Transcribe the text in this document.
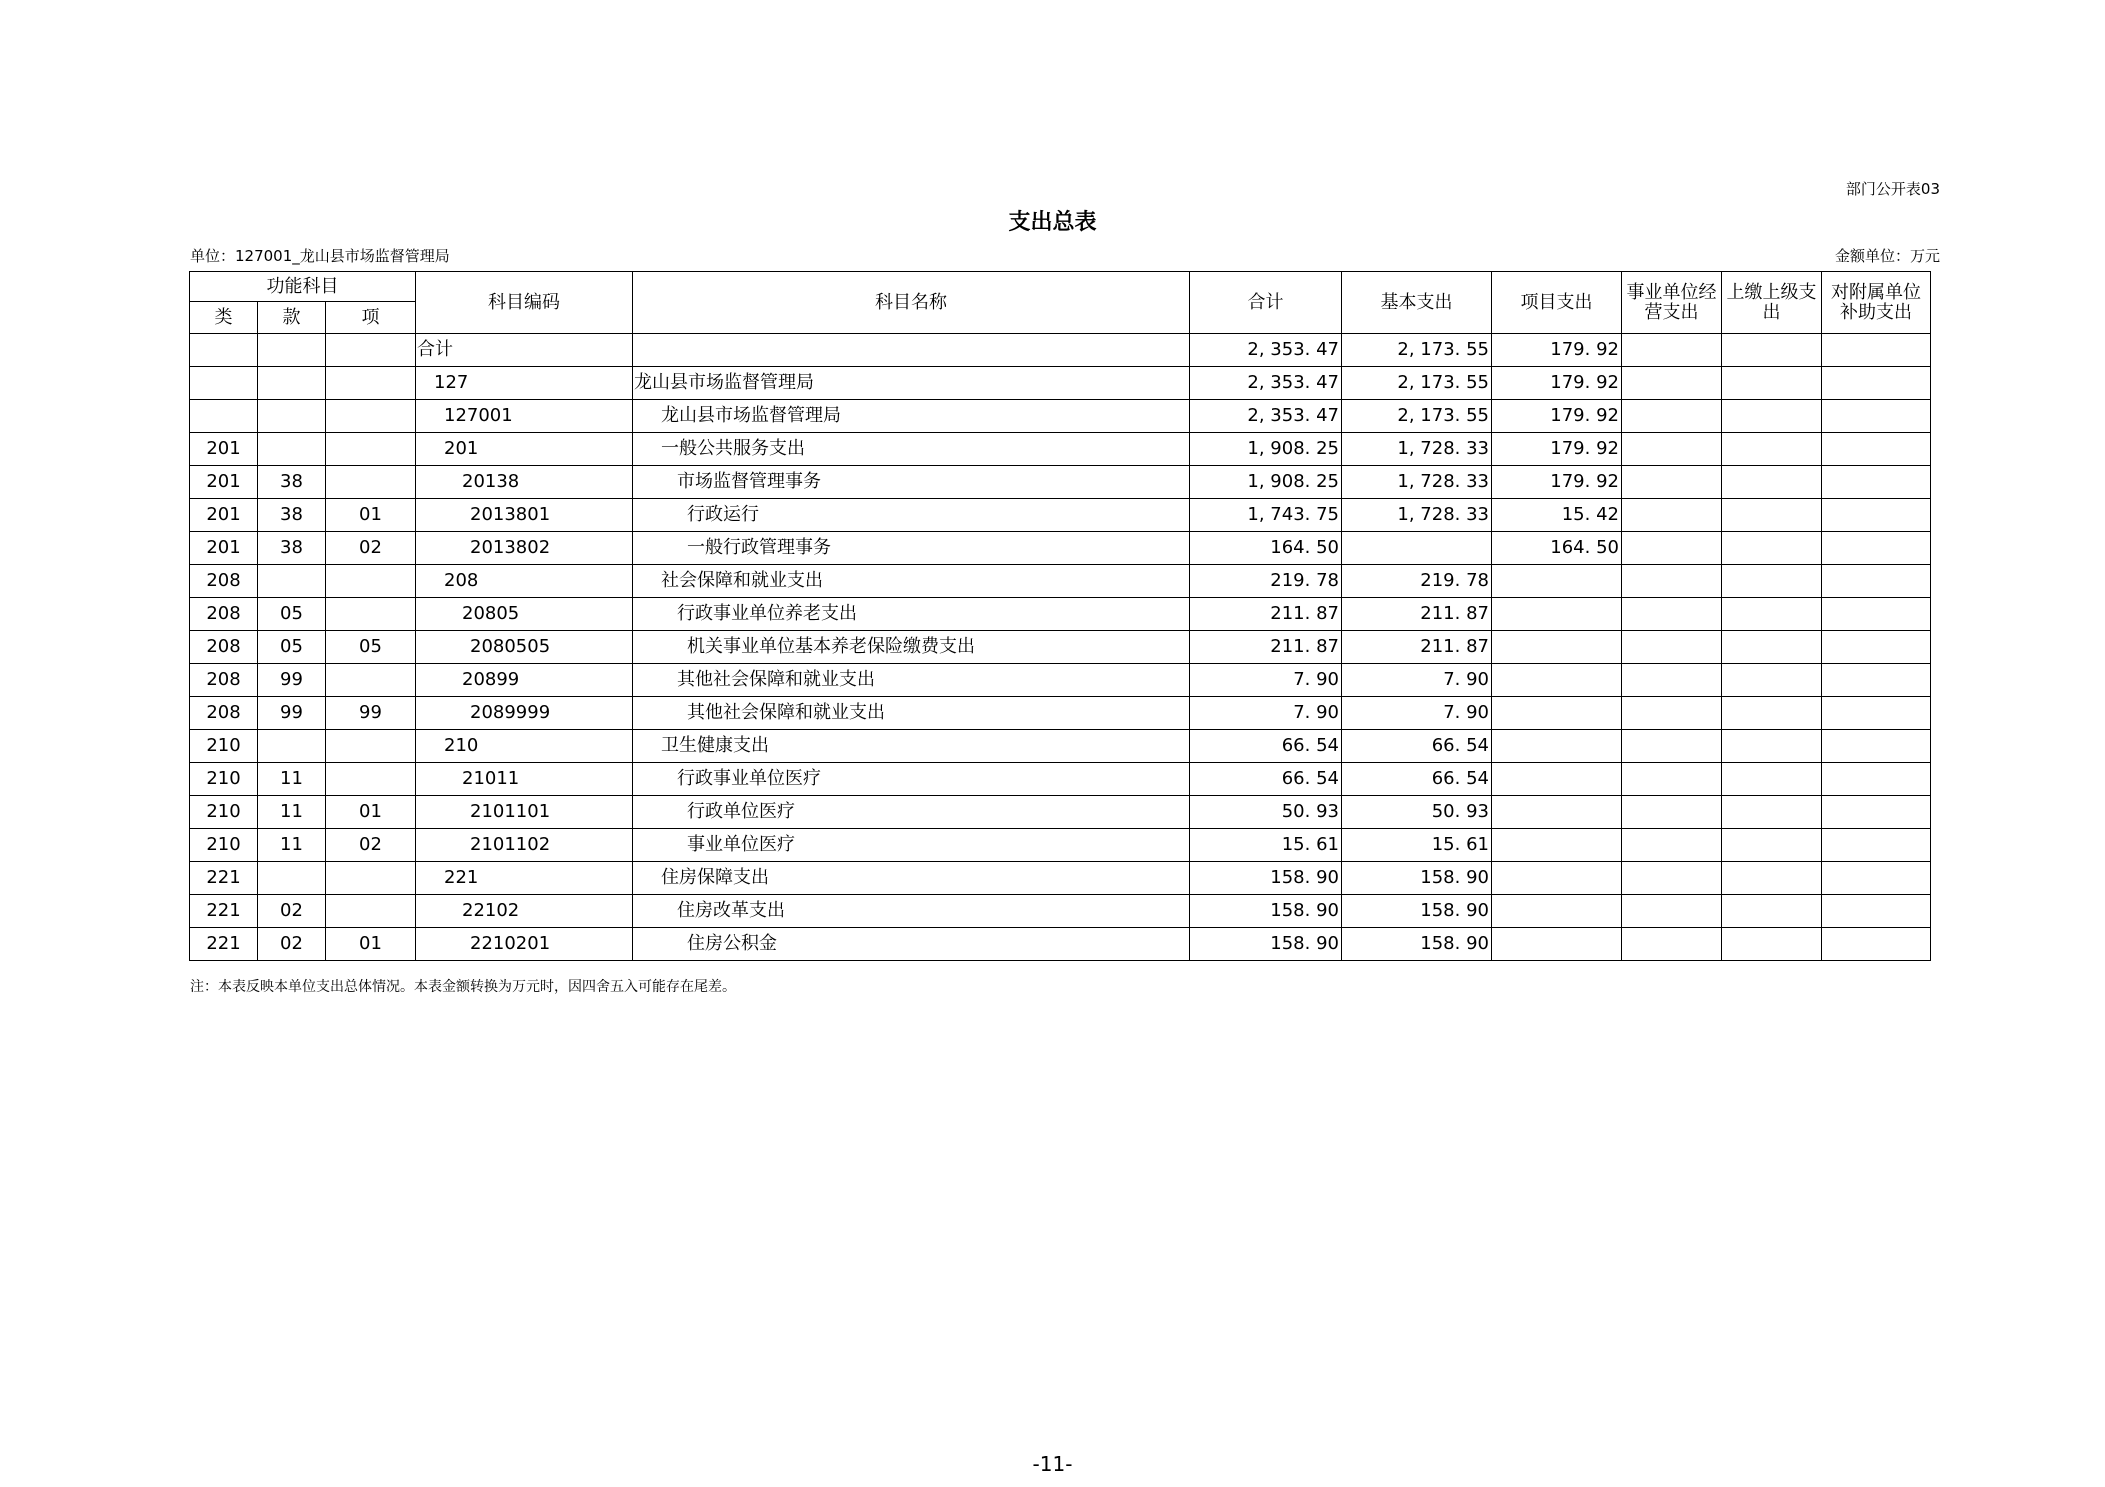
部门公开表03
支出总表
单位：127001_龙山县市场监督管理局	金额单位：万元
功能科目			科目编码	科目名称	合计	基本支出	项目支出	事业单位经营支出	上缴上级支出	对附属单位补助支出
类	款	项								
			合计		2, 353. 47	2, 173. 55	179. 92			
			127	龙山县市场监督管理局	2, 353. 47	2, 173. 55	179. 92			
			127001	龙山县市场监督管理局	2, 353. 47	2, 173. 55	179. 92			
201			201	一般公共服务支出	1, 908. 25	1, 728. 33	179. 92			
201	38		20138	市场监督管理事务	1, 908. 25	1, 728. 33	179. 92			
201	38	01	2013801	行政运行	1, 743. 75	1, 728. 33	15. 42			
201	38	02	2013802	一般行政管理事务	164. 50		164. 50			
208			208	社会保障和就业支出	219. 78	219. 78				
208	05		20805	行政事业单位养老支出	211. 87	211. 87				
208	05	05	2080505	机关事业单位基本养老保险缴费支出	211. 87	211. 87				
208	99		20899	其他社会保障和就业支出	7. 90	7. 90				
208	99	99	2089999	其他社会保障和就业支出	7. 90	7. 90				
210			210	卫生健康支出	66. 54	66. 54				
210	11		21011	行政事业单位医疗	66. 54	66. 54				
210	11	01	2101101	行政单位医疗	50. 93	50. 93				
210	11	02	2101102	事业单位医疗	15. 61	15. 61				
221			221	住房保障支出	158. 90	158. 90				
221	02		22102	住房改革支出	158. 90	158. 90				
221	02	01	2210201	住房公积金	158. 90	158. 90				
注：本表反映本单位支出总体情况。本表金额转换为万元时，因四舍五入可能存在尾差。
-11-
